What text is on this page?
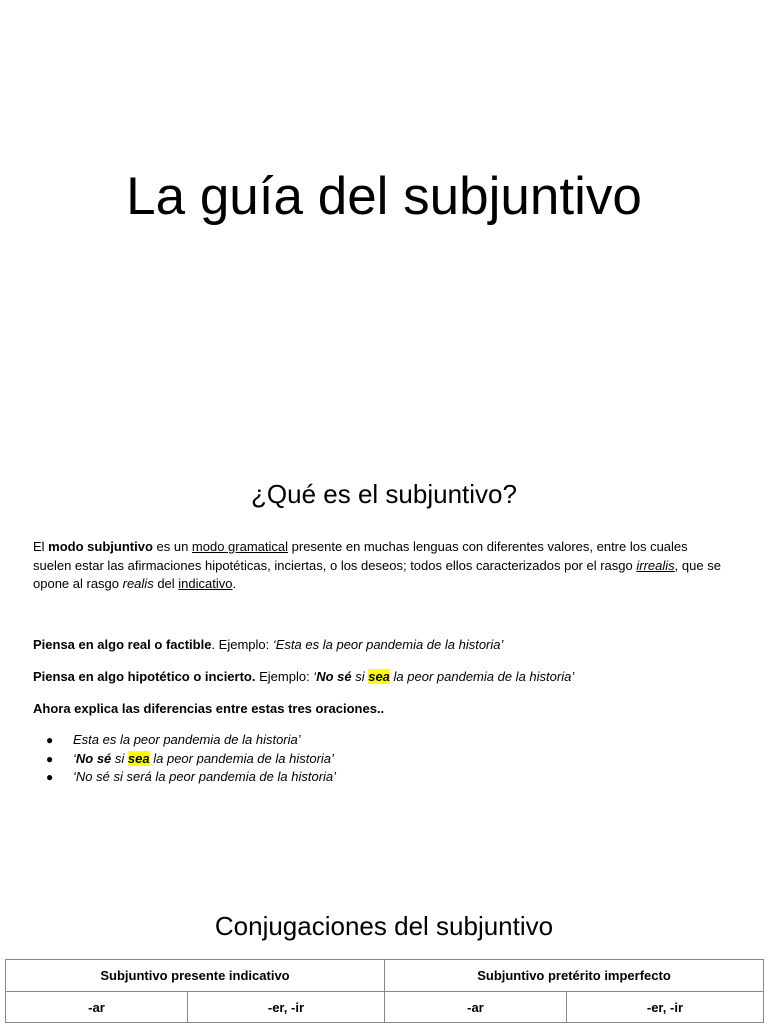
La guía del subjuntivo
¿Qué es el subjuntivo?
El modo subjuntivo es un modo gramatical presente en muchas lenguas con diferentes valores, entre los cuales suelen estar las afirmaciones hipotéticas, inciertas, o los deseos; todos ellos caracterizados por el rasgo irrealis, que se opone al rasgo realis del indicativo.
Piensa en algo real o factible. Ejemplo: ‘Esta es la peor pandemia de la historia’
Piensa en algo hipotético o incierto. Ejemplo: ‘No sé si sea la peor pandemia de la historia’
Ahora explica las diferencias entre estas tres oraciones..
● Esta es la peor pandemia de la historia’
● ‘No sé si sea la peor pandemia de la historia’
● ‘No sé si será la peor pandemia de la historia’
Conjugaciones del subjuntivo
Subjuntivo presente indicativo		Subjuntivo pretérito imperfecto	
-ar	-er, -ir	-ar	-er, -ir
